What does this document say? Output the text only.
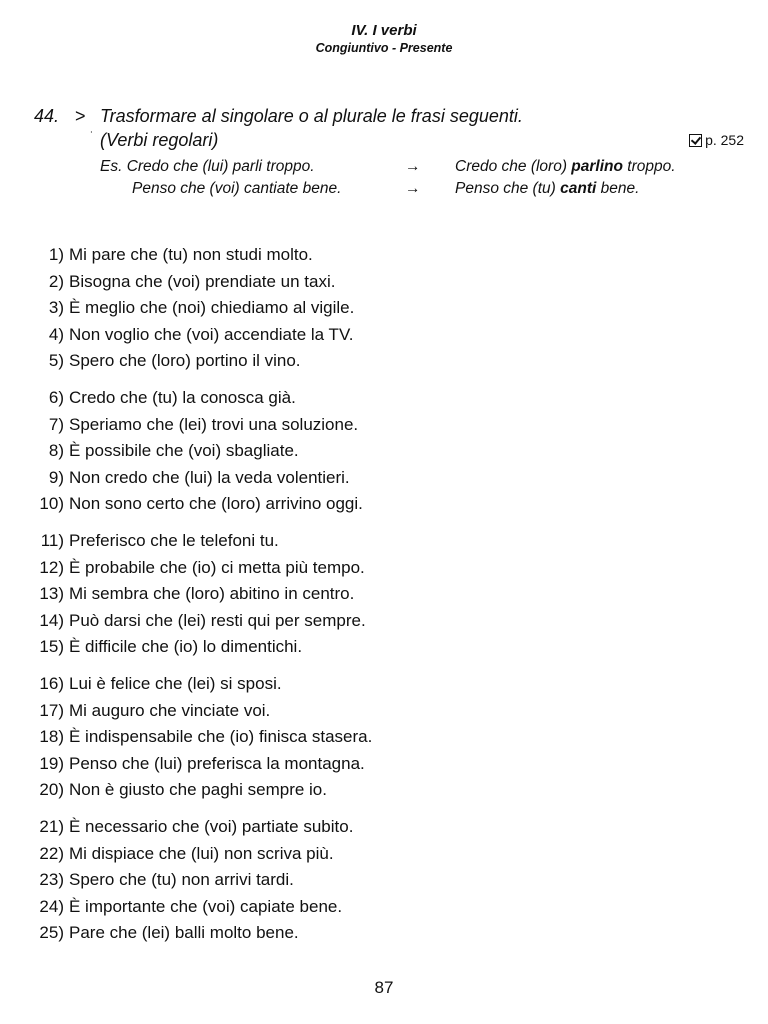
IV. I verbi
Congiuntivo - Presente
44. > Trasformare al singolare o al plurale le frasi seguenti.
˙ (Verbi regolari)	p. 252
Es. Credo che (lui) parli troppo.	→ Credo che (loro) parlino troppo.
Penso che (voi) cantiate bene.	→ Penso che (tu) canti bene.
1) Mi pare che (tu) non studi molto.
2) Bisogna che (voi) prendiate un taxi.
3) È meglio che (noi) chiediamo al vigile.
4) Non voglio che (voi) accendiate la TV.
5) Spero che (loro) portino il vino.
6) Credo che (tu) la conosca già.
7) Speriamo che (lei) trovi una soluzione.
8) È possibile che (voi) sbagliate.
9) Non credo che (lui) la veda volentieri.
10) Non sono certo che (loro) arrivino oggi.
11) Preferisco che le telefoni tu.
12) È probabile che (io) ci metta più tempo.
13) Mi sembra che (loro) abitino in centro.
14) Può darsi che (lei) resti qui per sempre.
15) È difficile che (io) lo dimentichi.
16) Lui è felice che (lei) si sposi.
17) Mi auguro che vinciate voi.
18) È indispensabile che (io) finisca stasera.
19) Penso che (lui) preferisca la montagna.
20) Non è giusto che paghi sempre io.
21) È necessario che (voi) partiate subito.
22) Mi dispiace che (lui) non scriva più.
23) Spero che (tu) non arrivi tardi.
24) È importante che (voi) capiate bene.
25) Pare che (lei) balli molto bene.
87
